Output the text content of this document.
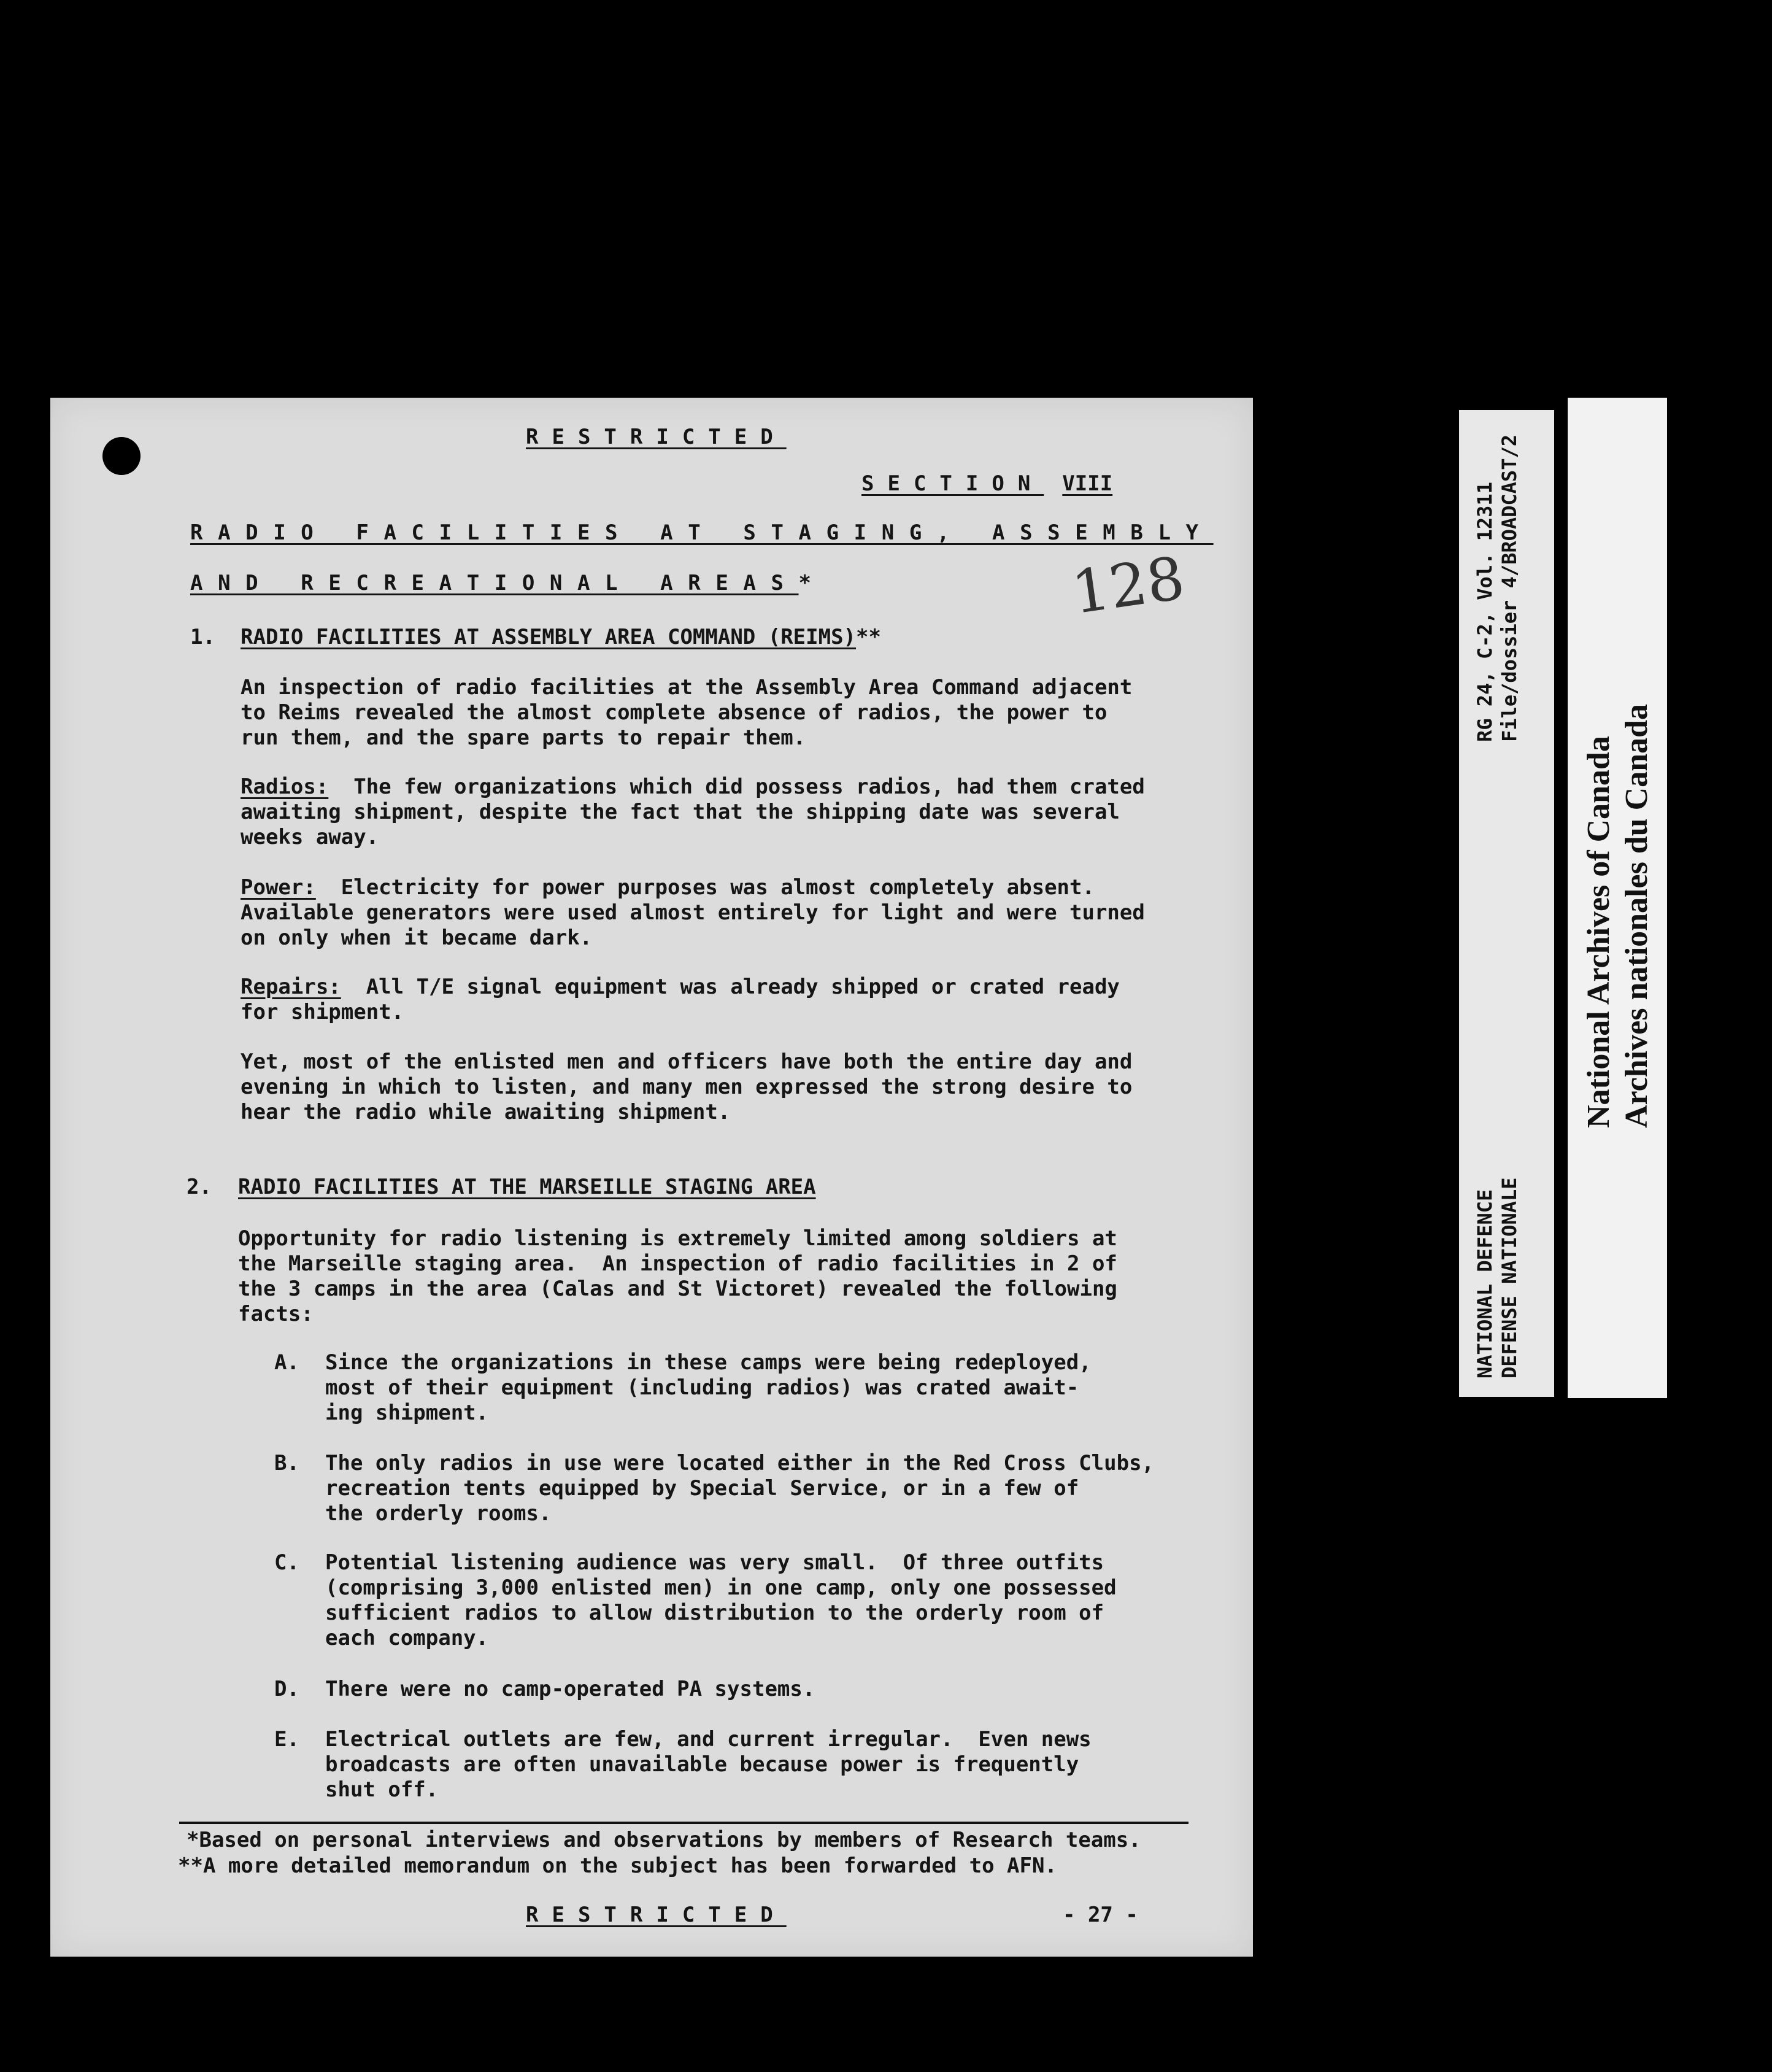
RESTRICTED
SECTION VIII
RADIO FACILITIES AT STAGING, ASSEMBLY
AND RECREATIONAL AREAS*	128
1. RADIO FACILITIES AT ASSEMBLY AREA COMMAND (REIMS)**
An inspection of radio facilities at the Assembly Area Command adjacent
to Reims revealed the almost complete absence of radios, the power to
run them, and the spare parts to repair them.
Radios:  The few organizations which did possess radios, had them crated
awaiting shipment, despite the fact that the shipping date was several
weeks away.
Power:  Electricity for power purposes was almost completely absent.
Available generators were used almost entirely for light and were turned
on only when it became dark.
Repairs:  All T/E signal equipment was already shipped or crated ready
for shipment.
Yet, most of the enlisted men and officers have both the entire day and
evening in which to listen, and many men expressed the strong desire to
hear the radio while awaiting shipment.
2. RADIO FACILITIES AT THE MARSEILLE STAGING AREA
Opportunity for radio listening is extremely limited among soldiers at
the Marseille staging area.  An inspection of radio facilities in 2 of
the 3 camps in the area (Calas and St Victoret) revealed the following
facts:
A. Since the organizations in these camps were being redeployed,
most of their equipment (including radios) was crated await-
ing shipment.
B. The only radios in use were located either in the Red Cross Clubs,
recreation tents equipped by Special Service, or in a few of
the orderly rooms.
C. Potential listening audience was very small.  Of three outfits
(comprising 3,000 enlisted men) in one camp, only one possessed
sufficient radios to allow distribution to the orderly room of
each company.
D. There were no camp-operated PA systems.
E. Electrical outlets are few, and current irregular.  Even news
broadcasts are often unavailable because power is frequently
shut off.
*Based on personal interviews and observations by members of Research teams.
**A more detailed memorandum on the subject has been forwarded to AFN.
RESTRICTED	- 27 -
NATIONAL DEFENCE DEFENSE NATIONALE
RG 24, C-2, Vol. 12311 File/dossier 4/BROADCAST/2
National Archives of Canada Archives nationales du Canada
